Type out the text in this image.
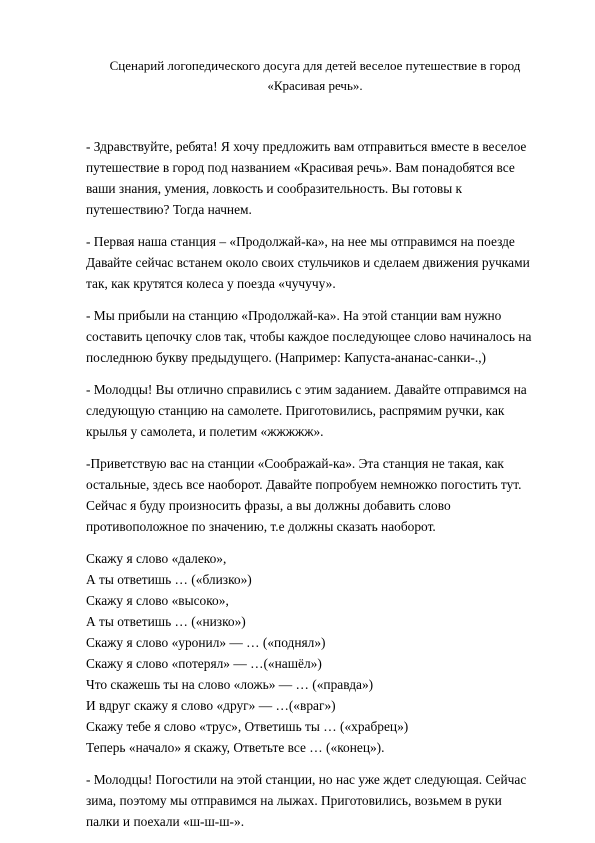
Сценарий логопедического досуга для детей веселое путешествие в город
«Красивая речь».

- Здравствуйте, ребята! Я хочу предложить вам отправиться вместе в веселое
путешествие в город под названием «Красивая речь». Вам понадобятся все
ваши знания, умения, ловкость и сообразительность. Вы готовы к
путешествию? Тогда начнем.

- Первая наша станция – «Продолжай-ка», на нее мы отправимся на поезде
Давайте сейчас встанем около своих стульчиков и сделаем движения ручками
так, как крутятся колеса у поезда «чучучу».

- Мы прибыли на станцию «Продолжай-ка». На этой станции вам нужно
составить цепочку слов так, чтобы каждое последующее слово начиналось на
последнюю букву предыдущего. (Например: Капуста-ананас-санки-.,)

- Молодцы! Вы отлично справились с этим заданием. Давайте отправимся на
следующую станцию на самолете. Приготовились, распрямим ручки, как
крылья у самолета, и полетим «жжжжж».

-Приветствую вас на станции «Соображай-ка». Эта станция не такая, как
остальные, здесь все наоборот. Давайте попробуем немножко погостить тут.
Сейчас я буду произносить фразы, а вы должны добавить слово
противоположное по значению, т.е должны сказать наоборот.

Скажу я слово «далеко»,
А ты ответишь … («близко»)
Скажу я слово «высоко»,
А ты ответишь … («низко»)
Скажу я слово «уронил» — … («поднял»)
Скажу я слово «потерял» — …(«нашёл»)
Что скажешь ты на слово «ложь» — … («правда»)
И вдруг скажу я слово «друг» — …(«враг»)
Скажу тебе я слово «трус», Ответишь ты … («храбрец»)
Теперь «начало» я скажу, Ответьте все … («конец»).

- Молодцы! Погостили на этой станции, но нас уже ждет следующая. Сейчас
зима, поэтому мы отправимся на лыжах. Приготовились, возьмем в руки
палки и поехали «ш-ш-ш-».
